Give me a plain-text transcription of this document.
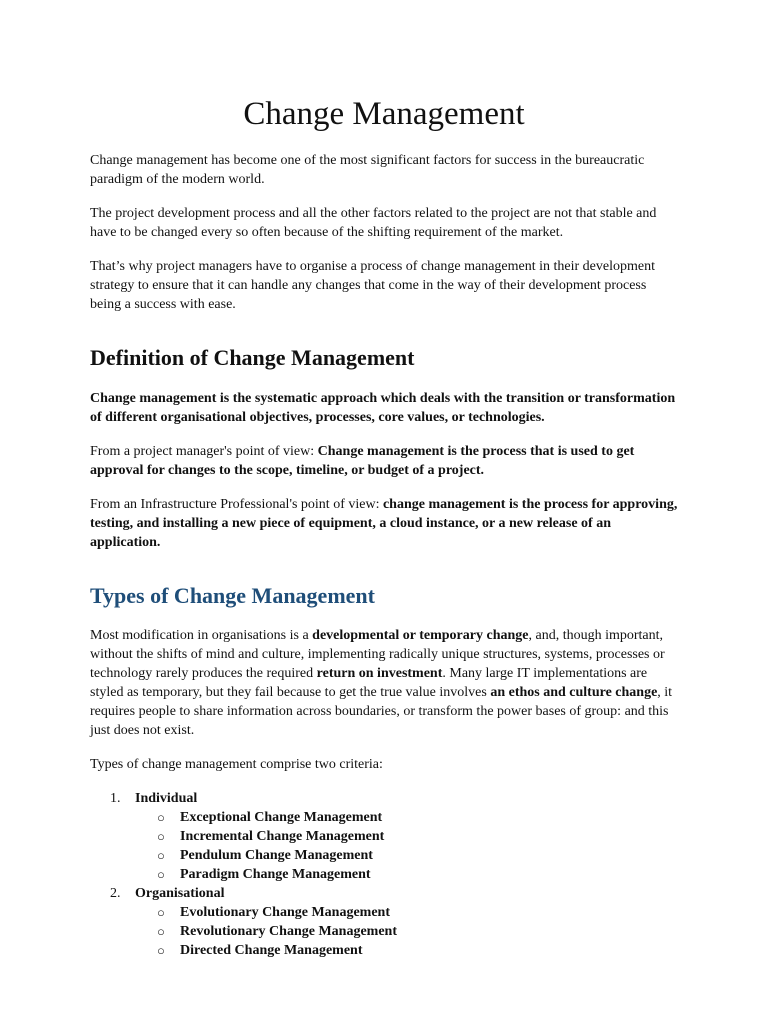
Change Management

Change management has become one of the most significant factors for success in the bureaucratic paradigm of the modern world.

The project development process and all the other factors related to the project are not that stable and have to be changed every so often because of the shifting requirement of the market.

That’s why project managers have to organise a process of change management in their development strategy to ensure that it can handle any changes that come in the way of their development process being a success with ease.

Definition of Change Management

Change management is the systematic approach which deals with the transition or transformation of different organisational objectives, processes, core values, or technologies.

From a project manager's point of view: Change management is the process that is used to get approval for changes to the scope, timeline, or budget of a project.

From an Infrastructure Professional's point of view: change management is the process for approving, testing, and installing a new piece of equipment, a cloud instance, or a new release of an application.

Types of Change Management

Most modification in organisations is a developmental or temporary change, and, though important, without the shifts of mind and culture, implementing radically unique structures, systems, processes or technology rarely produces the required return on investment. Many large IT implementations are styled as temporary, but they fail because to get the true value involves an ethos and culture change, it requires people to share information across boundaries, or transform the power bases of group: and this just does not exist.

Types of change management comprise two criteria:

1. Individual
○ Exceptional Change Management
○ Incremental Change Management
○ Pendulum Change Management
○ Paradigm Change Management
2. Organisational
○ Evolutionary Change Management
○ Revolutionary Change Management
○ Directed Change Management
